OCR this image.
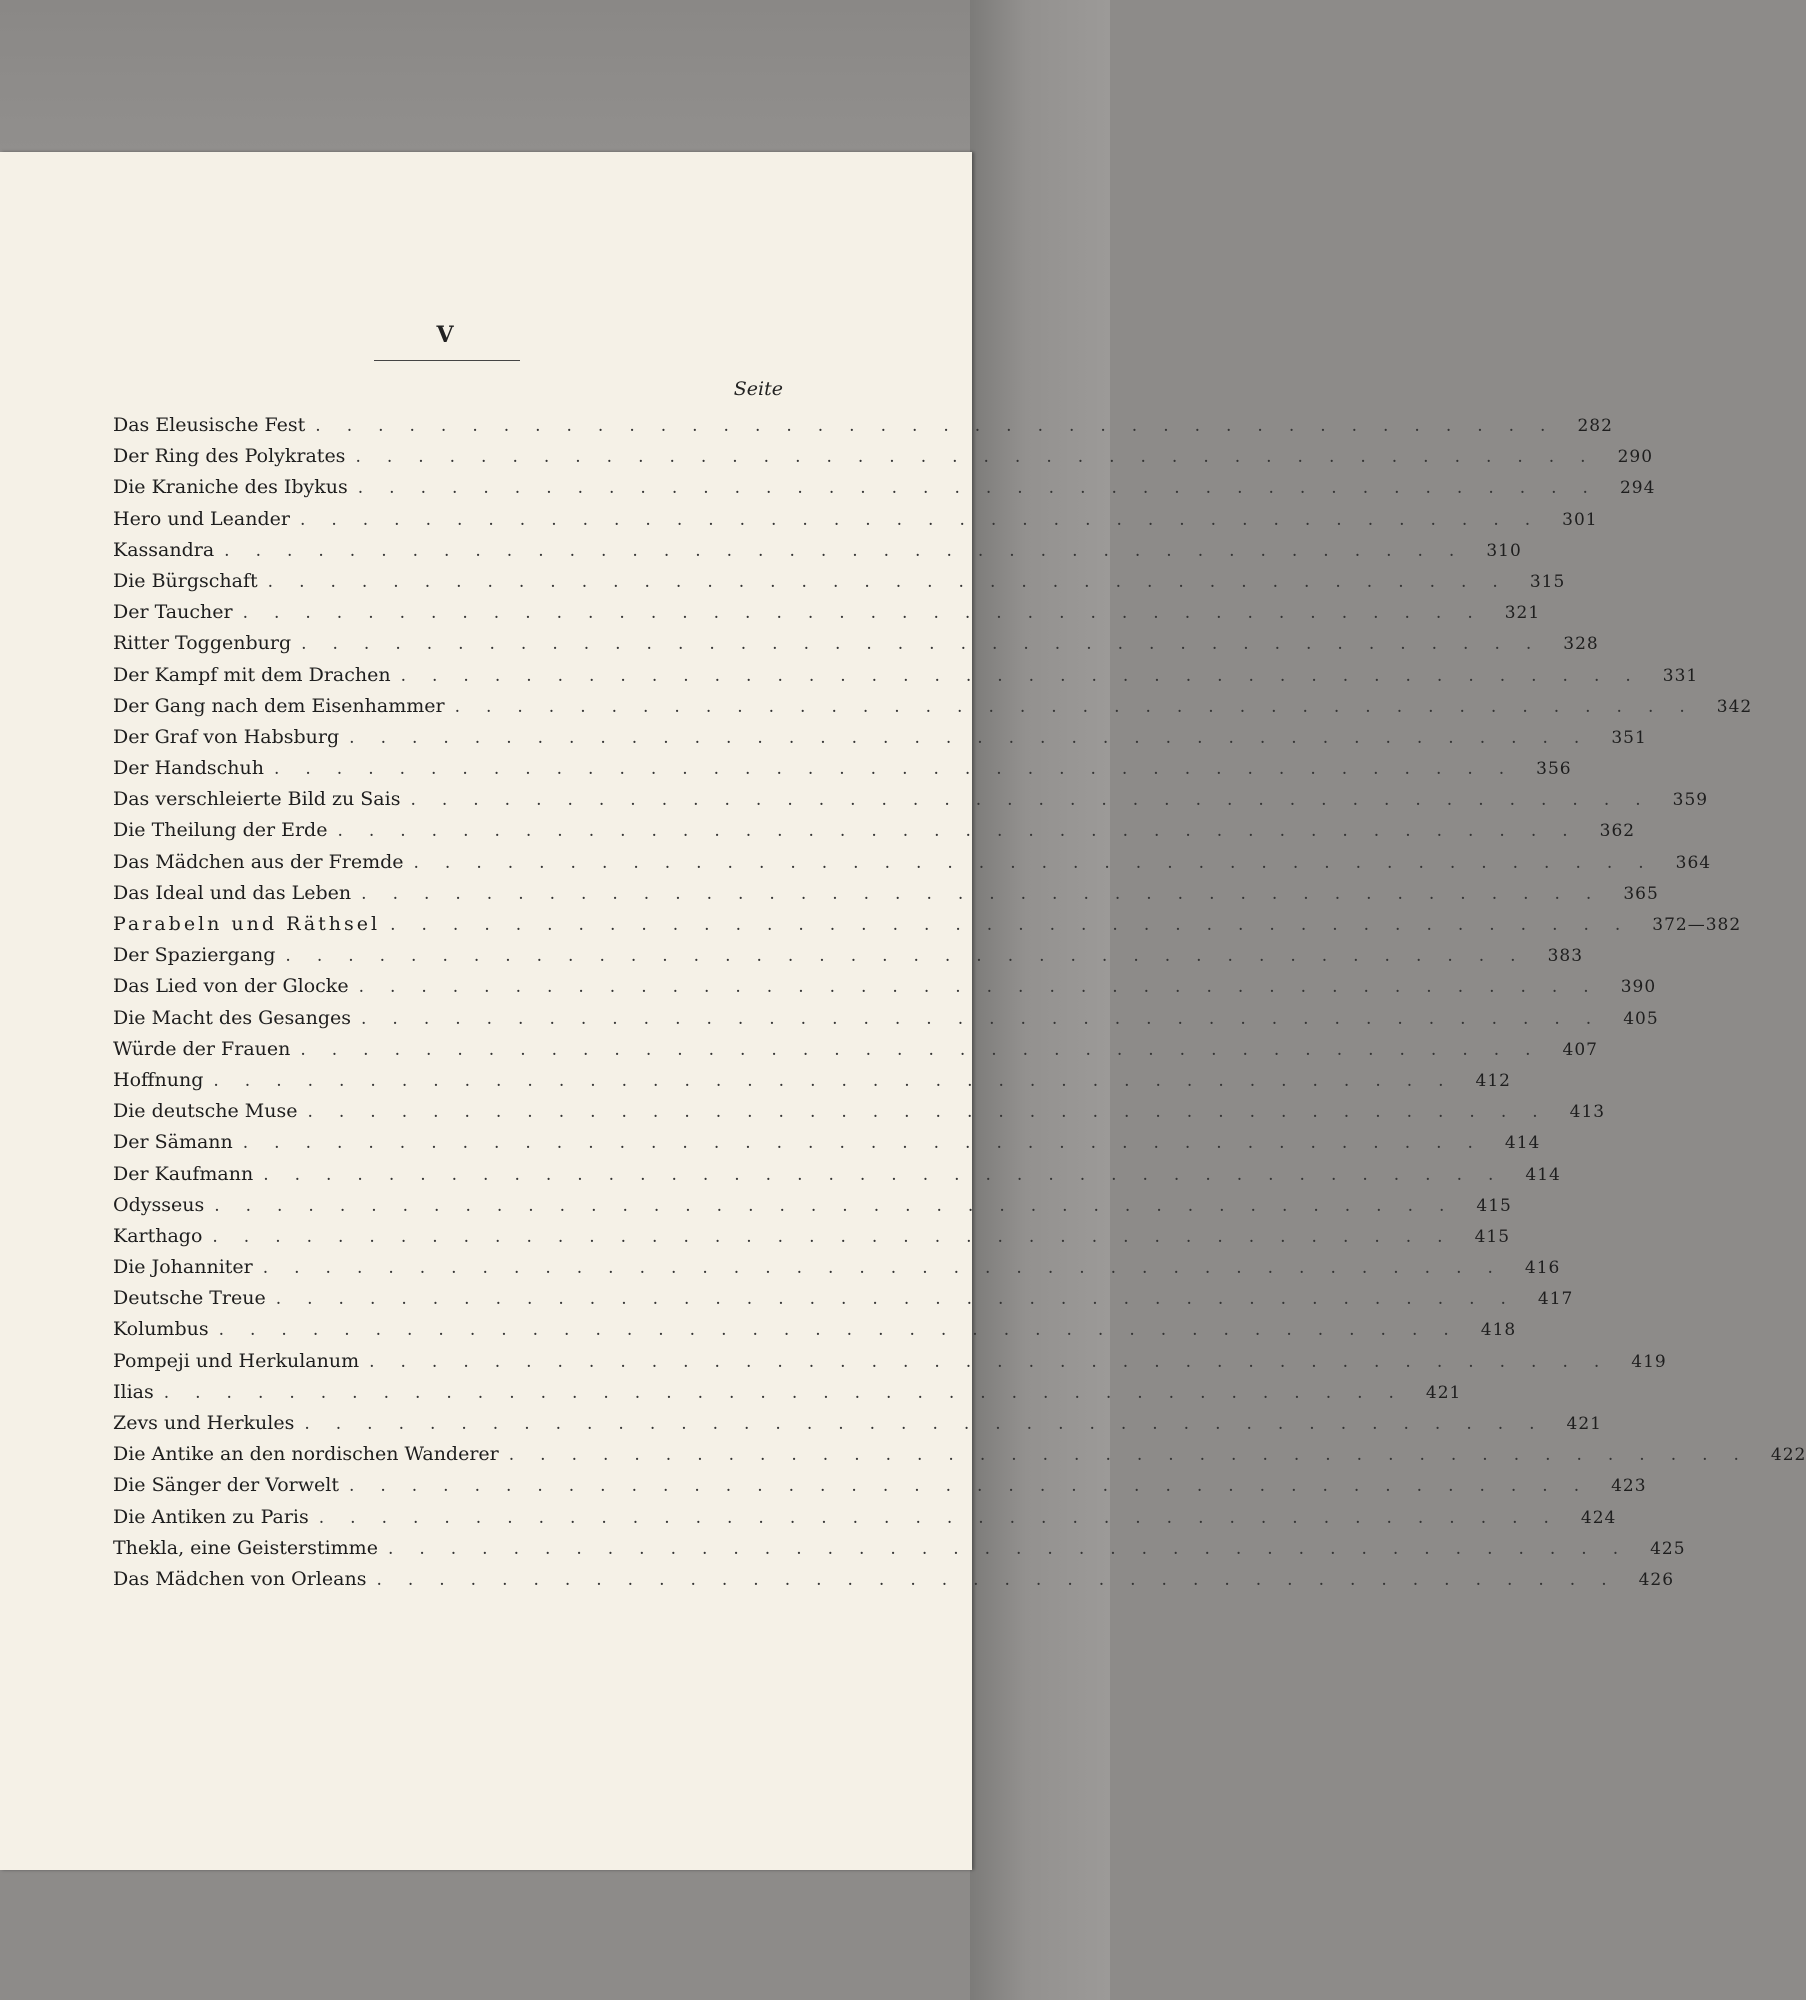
V
Seite
Das Eleusische Fest ........................................ 282
Der Ring des Polykrates ........................................ 290
Die Kraniche des Ibykus ........................................ 294
Hero und Leander ........................................ 301
Kassandra ........................................ 310
Die Bürgschaft ........................................ 315
Der Taucher ........................................ 321
Ritter Toggenburg ........................................ 328
Der Kampf mit dem Drachen ........................................ 331
Der Gang nach dem Eisenhammer ........................................ 342
Der Graf von Habsburg ........................................ 351
Der Handschuh ........................................ 356
Das verschleierte Bild zu Sais ........................................ 359
Die Theilung der Erde ........................................ 362
Das Mädchen aus der Fremde ........................................ 364
Das Ideal und das Leben ........................................ 365
Parabeln und Räthsel ........................................ 372—382
Der Spaziergang ........................................ 383
Das Lied von der Glocke ........................................ 390
Die Macht des Gesanges ........................................ 405
Würde der Frauen ........................................ 407
Hoffnung ........................................ 412
Die deutsche Muse ........................................ 413
Der Sämann ........................................ 414
Der Kaufmann ........................................ 414
Odysseus ........................................ 415
Karthago ........................................ 415
Die Johanniter ........................................ 416
Deutsche Treue ........................................ 417
Kolumbus ........................................ 418
Pompeji und Herkulanum ........................................ 419
Ilias ........................................ 421
Zevs und Herkules ........................................ 421
Die Antike an den nordischen Wanderer ........................................ 422
Die Sänger der Vorwelt ........................................ 423
Die Antiken zu Paris ........................................ 424
Thekla, eine Geisterstimme ........................................ 425
Das Mädchen von Orleans ........................................ 426
